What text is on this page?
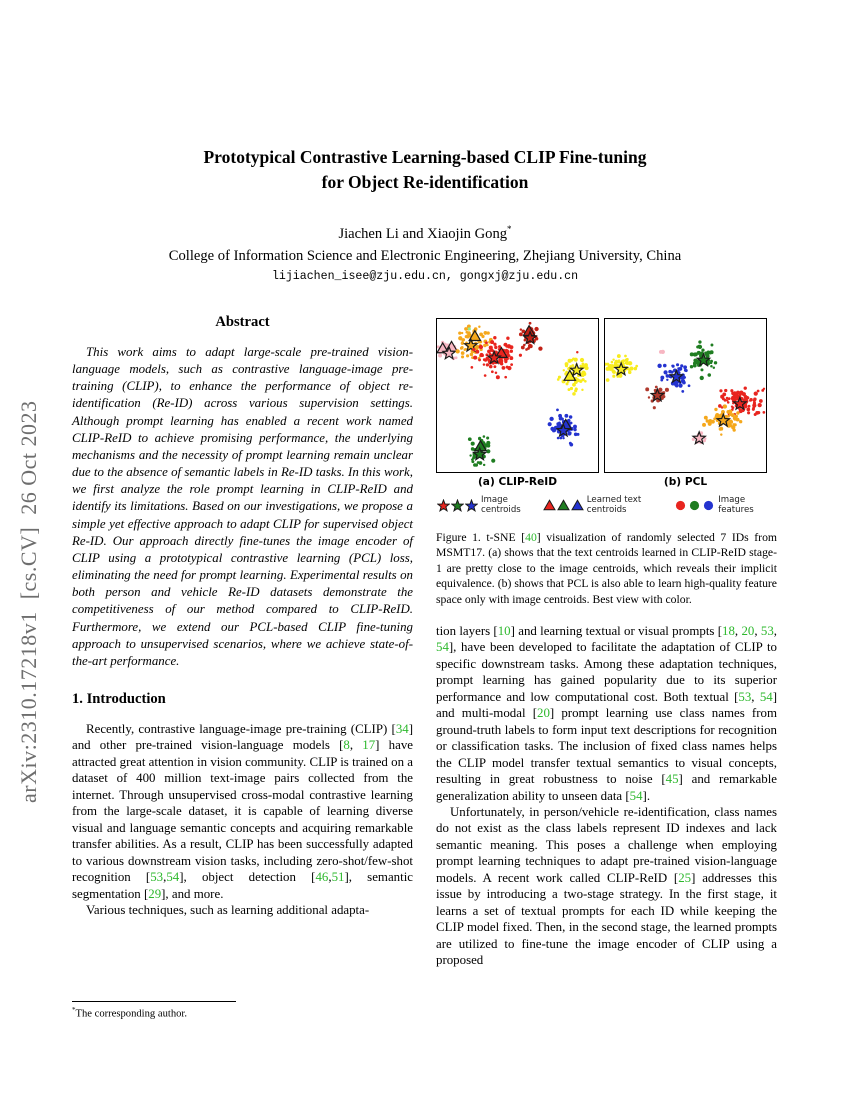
arXiv:2310.17218v1  [cs.CV]  26 Oct 2023
Prototypical Contrastive Learning-based CLIP Fine-tuning
for Object Re-identification
Jiachen Li and Xiaojin Gong*
College of Information Science and Electronic Engineering, Zhejiang University, China
lijiachen_isee@zju.edu.cn, gongxj@zju.edu.cn
Abstract

This work aims to adapt large-scale pre-trained vision-language models, such as contrastive language-image pre-training (CLIP), to enhance the performance of object re-identification (Re-ID) across various supervision settings. Although prompt learning has enabled a recent work named CLIP-ReID to achieve promising performance, the underlying mechanisms and the necessity of prompt learning remain unclear due to the absence of semantic labels in Re-ID tasks. In this work, we first analyze the role prompt learning in CLIP-ReID and identify its limitations. Based on our investigations, we propose a simple yet effective approach to adapt CLIP for supervised object Re-ID. Our approach directly fine-tunes the image encoder of CLIP using a prototypical contrastive learning (PCL) loss, eliminating the need for prompt learning. Experimental results on both person and vehicle Re-ID datasets demonstrate the competitiveness of our method compared to CLIP-ReID. Furthermore, we extend our PCL-based CLIP fine-tuning approach to unsupervised scenarios, where we achieve state-of-the-art performance.

1. Introduction

Recently, contrastive language-image pre-training (CLIP) [34] and other pre-trained vision-language models [8, 17] have attracted great attention in vision community. CLIP is trained on a dataset of 400 million text-image pairs collected from the internet. Through unsupervised cross-modal contrastive learning from the large-scale dataset, it is capable of learning diverse visual and language semantic concepts and acquiring remarkable transfer abilities. As a result, CLIP has been successfully adapted to various downstream vision tasks, including zero-shot/few-shot recognition [53,54], object detection [46,51], semantic segmentation [29], and more.

Various techniques, such as learning additional adapta-

*The corresponding author.
(a) CLIP-ReID	(b) PCL
Image centroids
Learned text centroids
Image features
Figure 1. t-SNE [40] visualization of randomly selected 7 IDs from MSMT17. (a) shows that the text centroids learned in CLIP-ReID stage-1 are pretty close to the image centroids, which reveals their implicit equivalence. (b) shows that PCL is also able to learn high-quality feature space only with image centroids. Best view with color.

tion layers [10] and learning textual or visual prompts [18, 20, 53, 54], have been developed to facilitate the adaptation of CLIP to specific downstream tasks. Among these adaptation techniques, prompt learning has gained popularity due to its superior performance and low computational cost. Both textual [53, 54] and multi-modal [20] prompt learning use class names from ground-truth labels to form input text descriptions for recognition or classification tasks. The inclusion of fixed class names helps the CLIP model transfer textual semantics to visual concepts, resulting in great robustness to noise [45] and remarkable generalization ability to unseen data [54].

Unfortunately, in person/vehicle re-identification, class names do not exist as the class labels represent ID indexes and lack semantic meaning. This poses a challenge when employing prompt learning techniques to adapt pre-trained vision-language models. A recent work called CLIP-ReID [25] addresses this issue by introducing a two-stage strategy. In the first stage, it learns a set of textual prompts for each ID while keeping the CLIP model fixed. Then, in the second stage, the learned prompts are utilized to fine-tune the image encoder of CLIP using a proposed
